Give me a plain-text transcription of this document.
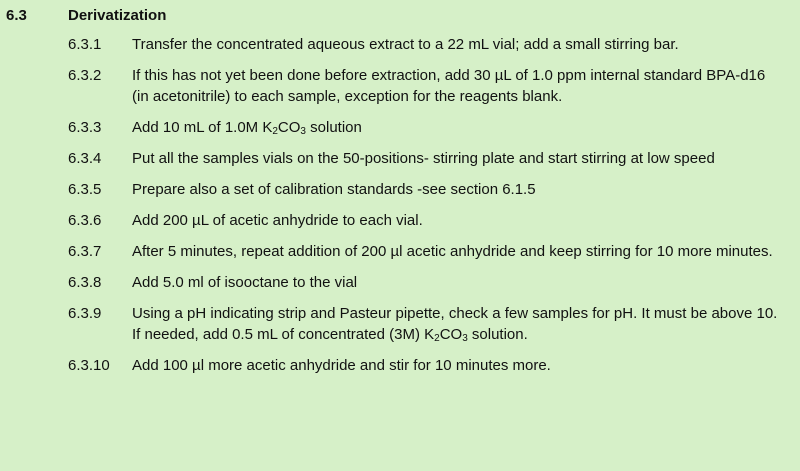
6.3	Derivatization
6.3.1 Transfer the concentrated aqueous extract to a 22 mL vial; add a small stirring bar.
6.3.2 If this has not yet been done before extraction, add 30 µL of 1.0 ppm internal standard BPA-d16 (in acetonitrile) to each sample, exception for the reagents blank.
6.3.3 Add 10 mL of 1.0M $K_2CO_3$ solution
6.3.4 Put all the samples vials on the 50-positions- stirring plate and start stirring at low speed
6.3.5 Prepare also a set of calibration standards -see section 6.1.5
6.3.6 Add 200 µL of acetic anhydride to each vial.
6.3.7 After 5 minutes, repeat addition of 200 µl acetic anhydride and keep stirring for 10 more minutes.
6.3.8 Add 5.0 ml of isooctane to the vial
6.3.9 Using a pH indicating strip and Pasteur pipette, check a few samples for pH. It must be above 10. If needed, add 0.5 mL of concentrated (3M) $K_2CO_3$ solution.
6.3.10 Add 100 µl more acetic anhydride and stir for 10 minutes more.
